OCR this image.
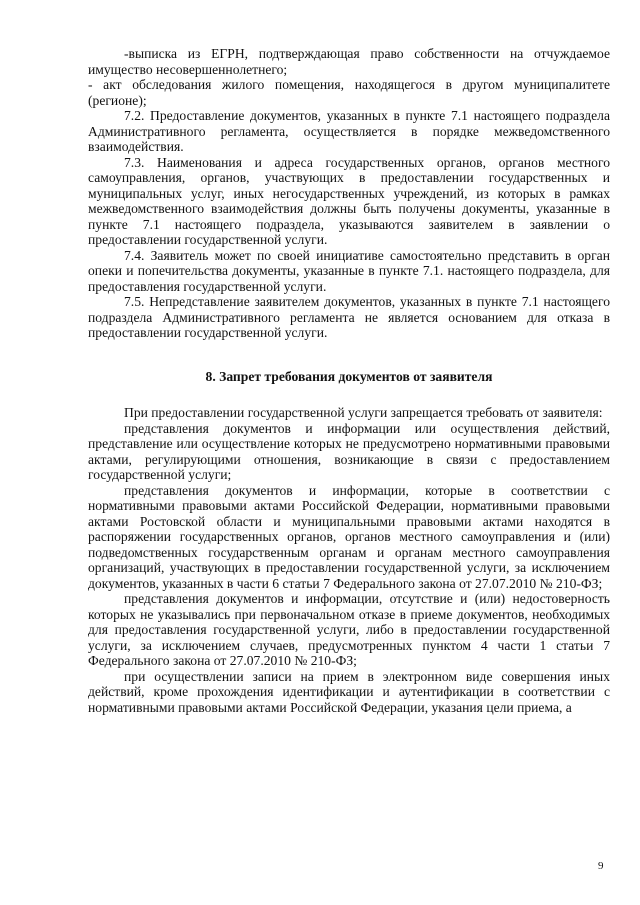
-выписка из ЕГРН, подтверждающая право собственности на отчуждаемое имущество несовершеннолетнего;

- акт обследования жилого помещения, находящегося в другом муниципалитете (регионе);

7.2. Предоставление документов, указанных в пункте 7.1 настоящего подраздела Административного регламента, осуществляется в порядке межведомственного взаимодействия.

7.3. Наименования и адреса государственных органов, органов местного самоуправления, органов, участвующих в предоставлении государственных и муниципальных услуг, иных негосударственных учреждений, из которых в рамках межведомственного взаимодействия должны быть получены документы, указанные в пункте 7.1 настоящего подраздела, указываются заявителем в заявлении о предоставлении государственной услуги.

7.4. Заявитель может по своей инициативе самостоятельно представить в орган опеки и попечительства документы, указанные в пункте 7.1. настоящего подраздела, для предоставления государственной услуги.

7.5. Непредставление заявителем документов, указанных в пункте 7.1 настоящего подраздела Административного регламента не является основанием для отказа в предоставлении государственной услуги.

8. Запрет требования документов от заявителя

При предоставлении государственной услуги запрещается требовать от заявителя:

представления документов и информации или осуществления действий, представление или осуществление которых не предусмотрено нормативными правовыми актами, регулирующими отношения, возникающие в связи с предоставлением государственной услуги;

представления документов и информации, которые в соответствии с нормативными правовыми актами Российской Федерации, нормативными правовыми актами Ростовской области и муниципальными правовыми актами находятся в распоряжении государственных органов, органов местного самоуправления и (или) подведомственных государственным органам и органам местного самоуправления организаций, участвующих в предоставлении государственной услуги, за исключением документов, указанных в части 6 статьи 7 Федерального закона от 27.07.2010 № 210-ФЗ;

представления документов и информации, отсутствие и (или) недостоверность которых не указывались при первоначальном отказе в приеме документов, необходимых для предоставления государственной услуги, либо в предоставлении государственной услуги, за исключением случаев, предусмотренных пунктом 4 части 1 статьи 7 Федерального закона от 27.07.2010 № 210-ФЗ;

при осуществлении записи на прием в электронном виде совершения иных действий, кроме прохождения идентификации и аутентификации в соответствии с нормативными правовыми актами Российской Федерации, указания цели приема, а

9
